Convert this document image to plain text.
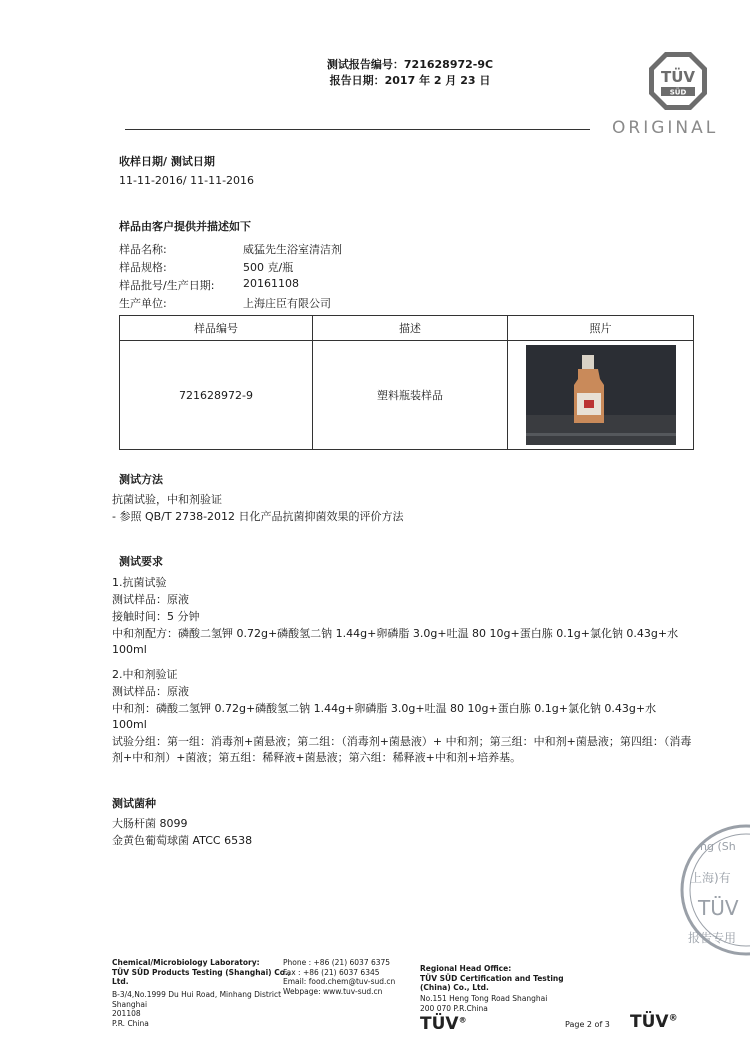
测试报告编号：721628972-9C
报告日期：2017 年 2 月 23 日
ORIGINAL
TÜV
SÜD
收样日期/ 测试日期
11-11-2016/ 11-11-2016
样品由客户提供并描述如下
样品名称:	威猛先生浴室清洁剂
样品规格:	500 克/瓶
样品批号/生产日期:	20161108
生产单位:	上海庄臣有限公司
样品编号	描述	照片
721628972-9	塑料瓶装样品	
测试方法
抗菌试验，中和剂验证
- 参照 QB/T 2738-2012 日化产品抗菌抑菌效果的评价方法
测试要求
1.抗菌试验
测试样品：原液
接触时间：5 分钟
中和剂配方：磷酸二氢钾 0.72g+磷酸氢二钠 1.44g+卵磷脂 3.0g+吐温 80 10g+蛋白胨 0.1g+氯化钠 0.43g+水
100ml
2.中和剂验证
测试样品：原液
中和剂：磷酸二氢钾 0.72g+磷酸氢二钠 1.44g+卵磷脂 3.0g+吐温 80 10g+蛋白胨 0.1g+氯化钠 0.43g+水
100ml
试验分组：第一组：消毒剂+菌悬液；第二组：（消毒剂+菌悬液）+ 中和剂；第三组：中和剂+菌悬液；第四组：（消毒剂+中和剂）+菌液；第五组：稀释液+菌悬液；第六组：稀释液+中和剂+培养基。
测试菌种
大肠杆菌 8099
金黄色葡萄球菌 ATCC 6538	ng (Sh
上海)有
TÜV
报告专用
Chemical/Microbiology Laboratory:
TÜV SÜD Products Testing (Shanghai) Co.,
Ltd.
B-3/4,No.1999 Du Hui Road, Minhang District
Shanghai
201108
P.R. China
Phone : +86 (21) 6037 6375
Fax : +86 (21) 6037 6345
Email: food.chem@tuv-sud.cn
Webpage: www.tuv-sud.cn
Regional Head Office:
TÜV SÜD Certification and Testing
(China) Co., Ltd.
No.151 Heng Tong Road Shanghai
200 070 P.R.China
TÜV®
Page 2 of 3 TÜV®
